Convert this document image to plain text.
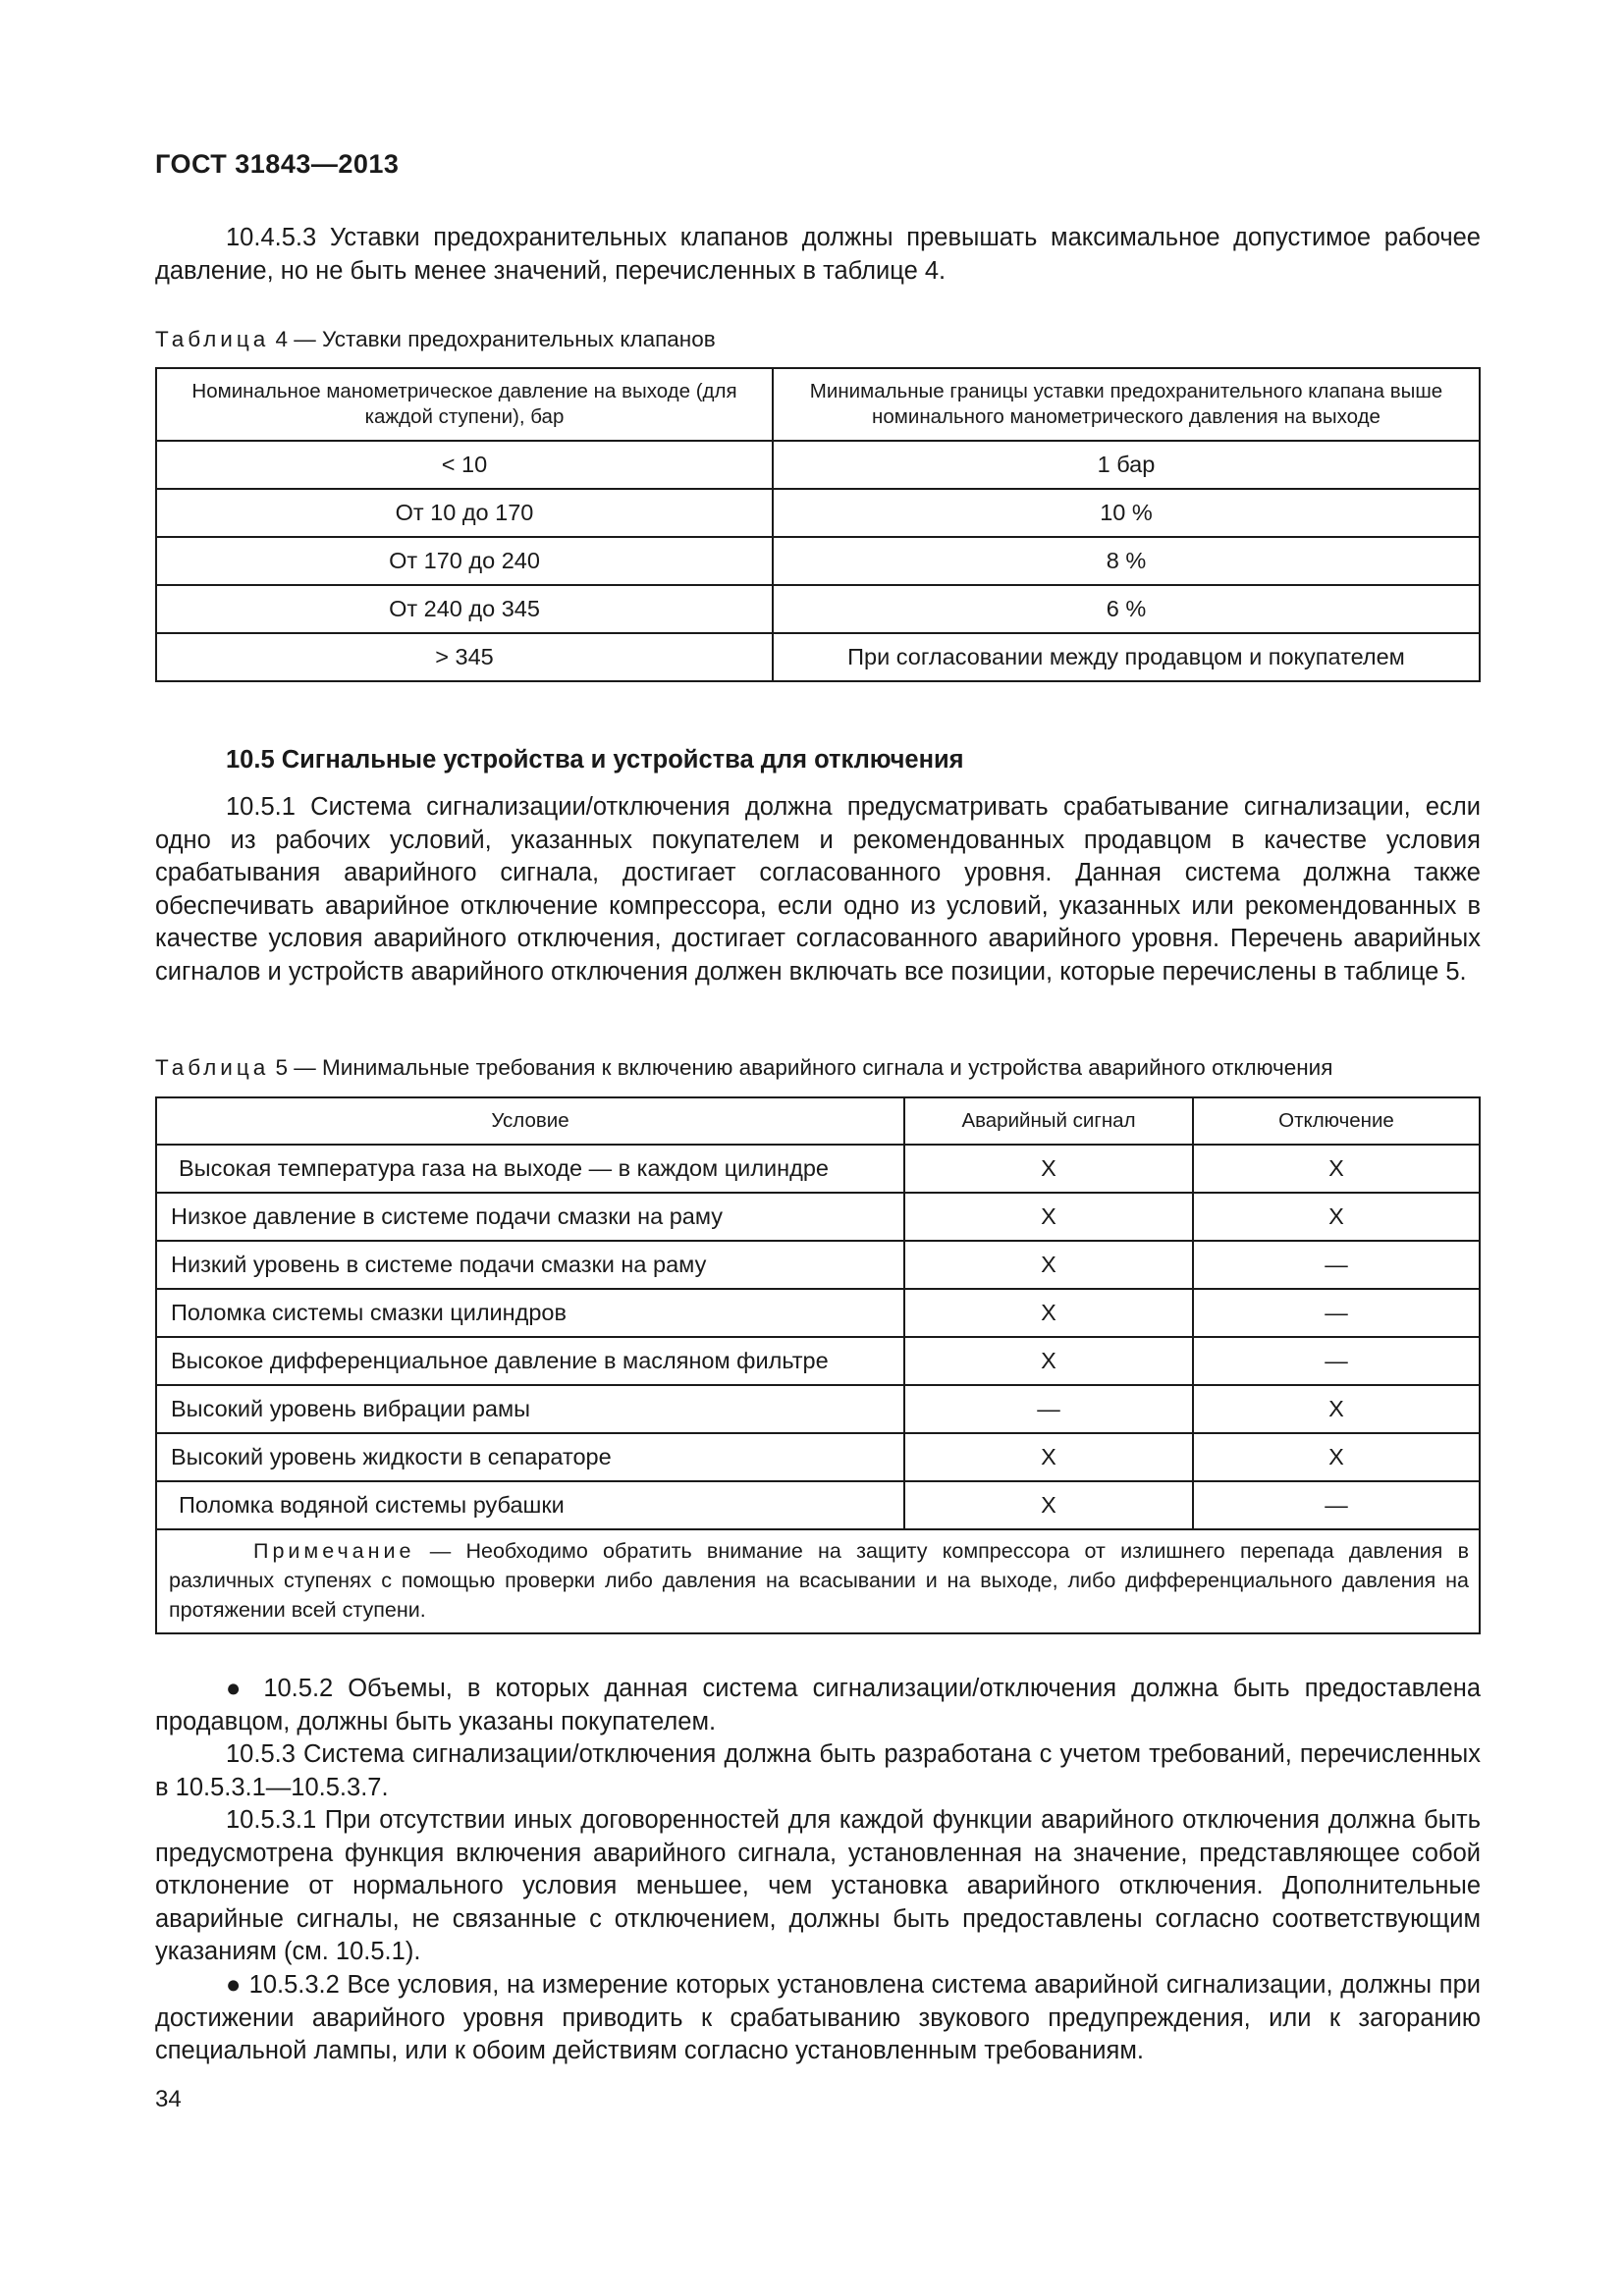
ГОСТ 31843—2013

10.4.5.3 Уставки предохранительных клапанов должны превышать максимальное допустимое рабочее давление, но не быть менее значений, перечисленных в таблице 4.

Таблица 4 — Уставки предохранительных клапанов
Номинальное манометрическое давление на выходе (для каждой ступени), бар	Минимальные границы уставки предохранительного клапана выше номинального манометрического давления на выходе
< 10	1 бар
От 10 до 170	10 %
От 170 до 240	8 %
От 240 до 345	6 %
> 345	При согласовании между продавцом и покупателем
10.5 Сигнальные устройства и устройства для отключения

10.5.1 Система сигнализации/отключения должна предусматривать срабатывание сигнализации, если одно из рабочих условий, указанных покупателем и рекомендованных продавцом в качестве условия срабатывания аварийного сигнала, достигает согласованного уровня. Данная система должна также обеспечивать аварийное отключение компрессора, если одно из условий, указанных или рекомендованных в качестве условия аварийного отключения, достигает согласованного аварийного уровня. Перечень аварийных сигналов и устройств аварийного отключения должен включать все позиции, которые перечислены в таблице 5.

Таблица 5 — Минимальные требования к включению аварийного сигнала и устройства аварийного отключения
Условие	Аварийный сигнал	Отключение
Высокая температура газа на выходе — в каждом цилиндре	X	X
Низкое давление в системе подачи смазки на раму	X	X
Низкий уровень в системе подачи смазки на раму	X	—
Поломка системы смазки цилиндров	X	—
Высокое дифференциальное давление в масляном фильтре	X	—
Высокий уровень вибрации рамы	—	X
Высокий уровень жидкости в сепараторе	X	X
Поломка водяной системы рубашки	X	—
Примечание — Необходимо обратить внимание на защиту компрессора от излишнего перепада давления в различных ступенях с помощью проверки либо давления на всасывании и на выходе, либо дифференциального давления на протяжении всей ступени.		

● 10.5.2 Объемы, в которых данная система сигнализации/отключения должна быть предоставлена продавцом, должны быть указаны покупателем.

10.5.3 Система сигнализации/отключения должна быть разработана с учетом требований, перечисленных в 10.5.3.1—10.5.3.7.

10.5.3.1 При отсутствии иных договоренностей для каждой функции аварийного отключения должна быть предусмотрена функция включения аварийного сигнала, установленная на значение, представляющее собой отклонение от нормального условия меньшее, чем установка аварийного отключения. Дополнительные аварийные сигналы, не связанные с отключением, должны быть предоставлены согласно соответствующим указаниям (см. 10.5.1).

● 10.5.3.2 Все условия, на измерение которых установлена система аварийной сигнализации, должны при достижении аварийного уровня приводить к срабатыванию звукового предупреждения, или к загоранию специальной лампы, или к обоим действиям согласно установленным требованиям.

34
